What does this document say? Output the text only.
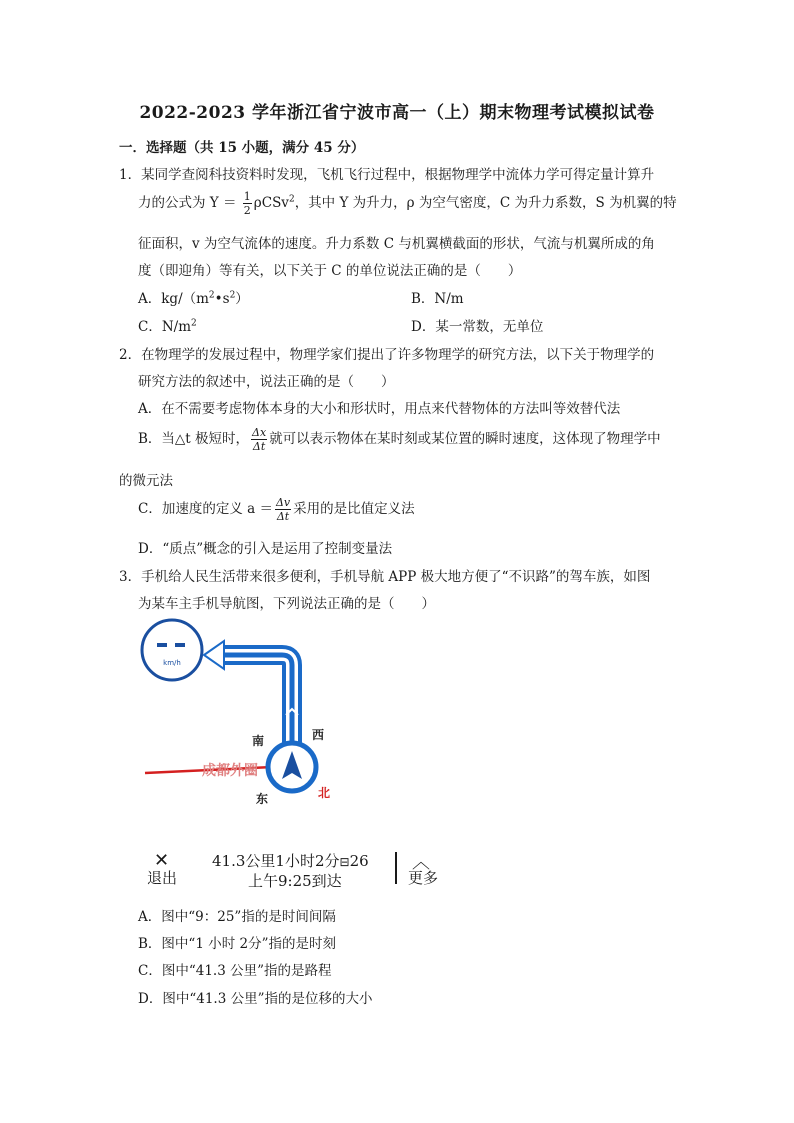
2022-2023 学年浙江省宁波市高一（上）期末物理考试模拟试卷
一．选择题（共 15 小题，满分 45 分）
1．某同学查阅科技资料时发现，飞机飞行过程中，根据物理学中流体力学可得定量计算升
力的公式为 $Y = \frac{1}{2} \rho CSv^2$，其中 Y 为升力，ρ 为空气密度，C 为升力系数，S 为机翼的特
征面积，v 为空气流体的速度。升力系数 C 与机翼横截面的形状，气流与机翼所成的角
度（即迎角）等有关，以下关于 C 的单位说法正确的是（　　）
A．$kg/(m^2•s^2)$	B．N/m
C．$N/m^2$	D．某一常数，无单位
2．在物理学的发展过程中，物理学家们提出了许多物理学的研究方法，以下关于物理学的
研究方法的叙述中，说法正确的是（　　）
A．在不需要考虑物体本身的大小和形状时，用点来代替物体的方法叫等效替代法
B．当△t 极短时， $\frac{\Delta x}{\Delta t}$ 就可以表示物体在某时刻或某位置的瞬时速度，这体现了物理学中
的微元法
C．加速度的定义 $a = \frac{\Delta v}{\Delta t}$ 采用的是比值定义法
D．“质点”概念的引入是运用了控制变量法
3．手机给人民生活带来很多便利，手机导航 APP 极大地方便了“不识路”的驾车族，如图
为某车主手机导航图，下列说法正确的是（　　）
km/h
成都外圈
南	西
东	北
✕
退出
41.3公里1小时2分⊟26
上午9:25到达
︿
更多
A．图中“9：25”指的是时间间隔
B．图中“1 小时 2分”指的是时刻
C．图中“41.3 公里”指的是路程
D．图中“41.3 公里”指的是位移的大小
